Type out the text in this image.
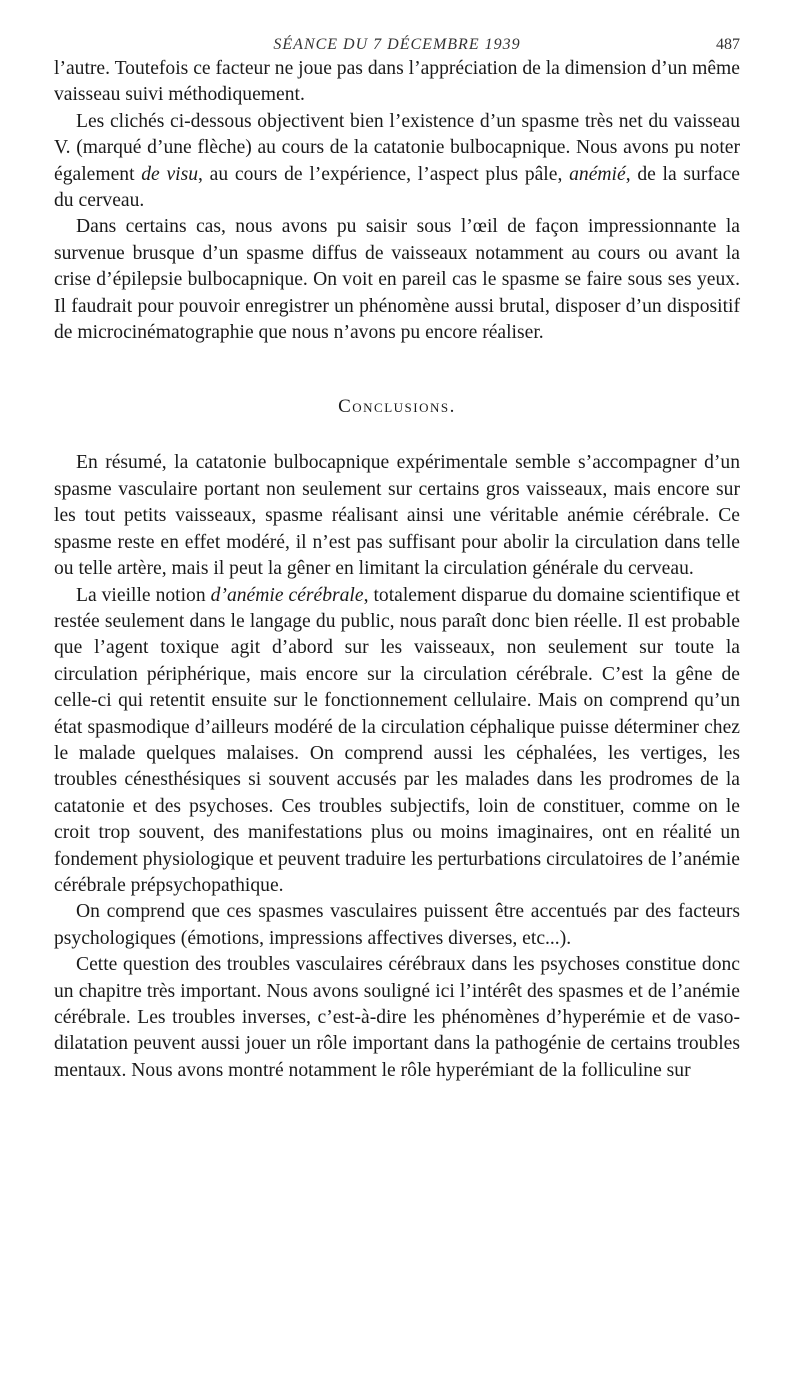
SÉANCE DU 7 DÉCEMBRE 1939	487

l’autre. Toutefois ce facteur ne joue pas dans l’appréciation de la dimension d’un même vaisseau suivi méthodiquement.

Les clichés ci-dessous objectivent bien l’existence d’un spasme très net du vaisseau V. (marqué d’une flèche) au cours de la catatonie bulbocapnique. Nous avons pu noter également de visu, au cours de l’expérience, l’aspect plus pâle, anémié, de la surface du cerveau.

Dans certains cas, nous avons pu saisir sous l’œil de façon impressionnante la survenue brusque d’un spasme diffus de vaisseaux notamment au cours ou avant la crise d’épilepsie bulbocapnique. On voit en pareil cas le spasme se faire sous ses yeux. Il faudrait pour pouvoir enregistrer un phénomène aussi brutal, disposer d’un dispositif de microcinématographie que nous n’avons pu encore réaliser.

Conclusions.

En résumé, la catatonie bulbocapnique expérimentale semble s’accompagner d’un spasme vasculaire portant non seulement sur certains gros vaisseaux, mais encore sur les tout petits vaisseaux, spasme réalisant ainsi une véritable anémie cérébrale. Ce spasme reste en effet modéré, il n’est pas suffisant pour abolir la circulation dans telle ou telle artère, mais il peut la gêner en limitant la circulation générale du cerveau.

La vieille notion d’anémie cérébrale, totalement disparue du domaine scientifique et restée seulement dans le langage du public, nous paraît donc bien réelle. Il est probable que l’agent toxique agit d’abord sur les vaisseaux, non seulement sur toute la circulation périphérique, mais encore sur la circulation cérébrale. C’est la gêne de celle-ci qui retentit ensuite sur le fonctionnement cellulaire. Mais on comprend qu’un état spasmodique d’ailleurs modéré de la circulation céphalique puisse déterminer chez le malade quelques malaises. On comprend aussi les céphalées, les vertiges, les troubles cénesthésiques si souvent accusés par les malades dans les prodromes de la catatonie et des psychoses. Ces troubles subjectifs, loin de constituer, comme on le croit trop souvent, des manifestations plus ou moins imaginaires, ont en réalité un fondement physiologique et peuvent traduire les perturbations circulatoires de l’anémie cérébrale prépsychopathique.

On comprend que ces spasmes vasculaires puissent être accentués par des facteurs psychologiques (émotions, impressions affectives diverses, etc...).

Cette question des troubles vasculaires cérébraux dans les psychoses constitue donc un chapitre très important. Nous avons souligné ici l’intérêt des spasmes et de l’anémie cérébrale. Les troubles inverses, c’est-à-dire les phénomènes d’hyperémie et de vaso-dilatation peuvent aussi jouer un rôle important dans la pathogénie de certains troubles mentaux. Nous avons montré notamment le rôle hyperémiant de la folliculine sur
